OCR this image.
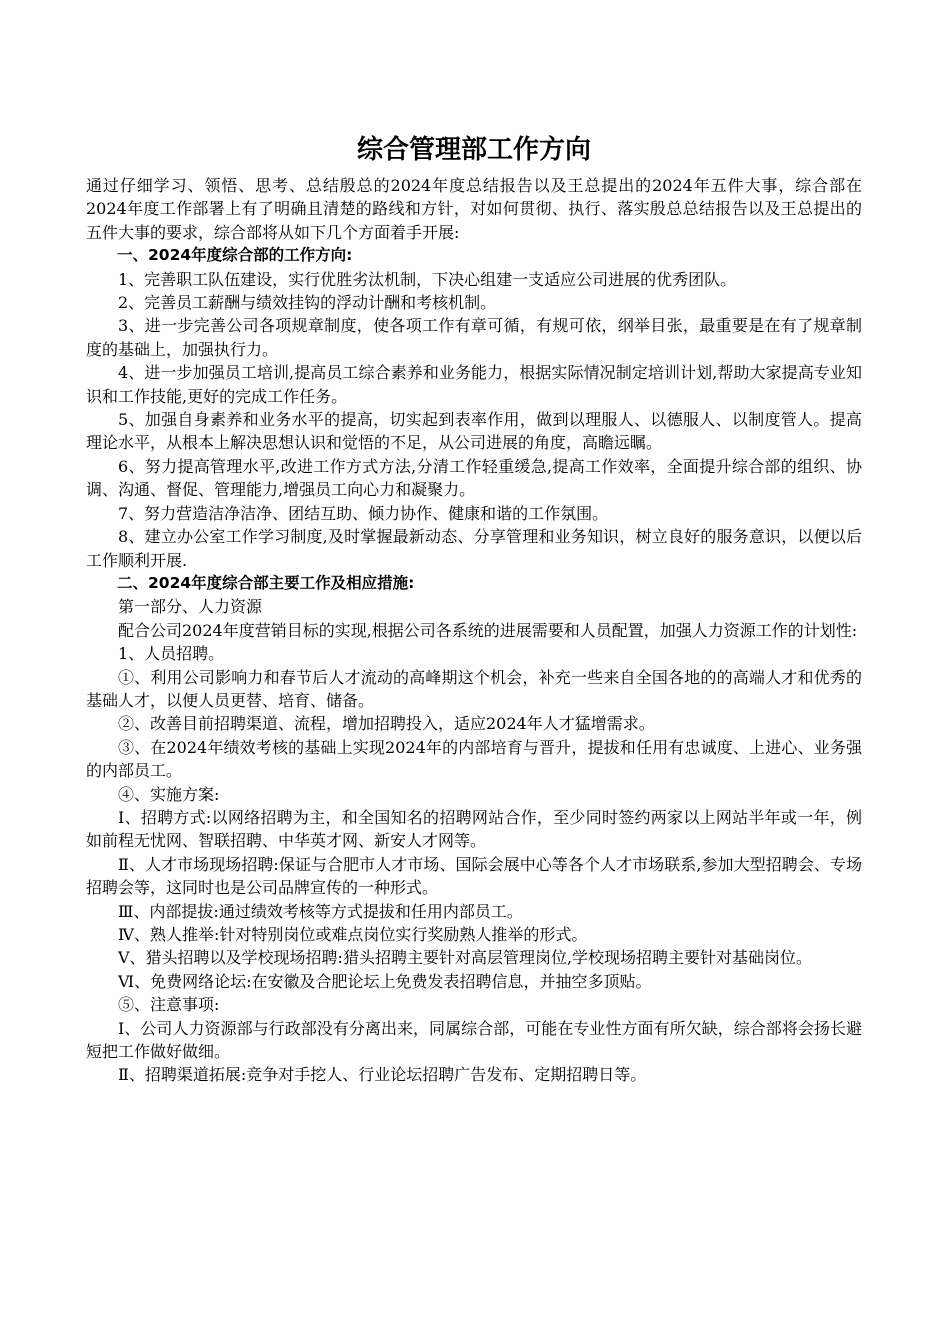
综合管理部工作方向

通过仔细学习、领悟、思考、总结殷总的2024年度总结报告以及王总提出的2024年五件大事，综合部在2024年度工作部署上有了明确且清楚的路线和方针，对如何贯彻、执行、落实殷总总结报告以及王总提出的五件大事的要求，综合部将从如下几个方面着手开展:

一、2024年度综合部的工作方向:

1、完善职工队伍建设，实行优胜劣汰机制，下决心组建一支适应公司进展的优秀团队。

2、完善员工薪酬与绩效挂钩的浮动计酬和考核机制。

3、进一步完善公司各项规章制度，使各项工作有章可循，有规可依，纲举目张，最重要是在有了规章制度的基础上，加强执行力。

4、进一步加强员工培训,提高员工综合素养和业务能力，根据实际情况制定培训计划,帮助大家提高专业知识和工作技能,更好的完成工作任务。

5、加强自身素养和业务水平的提高，切实起到表率作用，做到以理服人、以德服人、以制度管人。提高理论水平，从根本上解决思想认识和觉悟的不足，从公司进展的角度，高瞻远瞩。

6、努力提高管理水平,改进工作方式方法,分清工作轻重缓急,提高工作效率，全面提升综合部的组织、协调、沟通、督促、管理能力,增强员工向心力和凝聚力。

7、努力营造洁净洁净、团结互助、倾力协作、健康和谐的工作氛围。

8、建立办公室工作学习制度,及时掌握最新动态、分享管理和业务知识，树立良好的服务意识，以便以后工作顺利开展.

二、2024年度综合部主要工作及相应措施:

第一部分、人力资源

配合公司2024年度营销目标的实现,根据公司各系统的进展需要和人员配置，加强人力资源工作的计划性:

1、人员招聘。

①、利用公司影响力和春节后人才流动的高峰期这个机会，补充一些来自全国各地的的高端人才和优秀的基础人才，以便人员更替、培育、储备。

②、改善目前招聘渠道、流程，增加招聘投入，适应2024年人才猛增需求。

③、在2024年绩效考核的基础上实现2024年的内部培育与晋升，提拔和任用有忠诚度、上进心、业务强的内部员工。

④、实施方案:

Ⅰ、招聘方式:以网络招聘为主，和全国知名的招聘网站合作，至少同时签约两家以上网站半年或一年，例如前程无忧网、智联招聘、中华英才网、新安人才网等。

Ⅱ、人才市场现场招聘:保证与合肥市人才市场、国际会展中心等各个人才市场联系,参加大型招聘会、专场招聘会等，这同时也是公司品牌宣传的一种形式。

Ⅲ、内部提拔:通过绩效考核等方式提拔和任用内部员工。

Ⅳ、熟人推举:针对特别岗位或难点岗位实行奖励熟人推举的形式。

Ⅴ、猎头招聘以及学校现场招聘:猎头招聘主要针对高层管理岗位,学校现场招聘主要针对基础岗位。

Ⅵ、免费网络论坛:在安徽及合肥论坛上免费发表招聘信息，并抽空多顶贴。

⑤、注意事项:

Ⅰ、公司人力资源部与行政部没有分离出来，同属综合部，可能在专业性方面有所欠缺，综合部将会扬长避短把工作做好做细。

Ⅱ、招聘渠道拓展:竞争对手挖人、行业论坛招聘广告发布、定期招聘日等。
